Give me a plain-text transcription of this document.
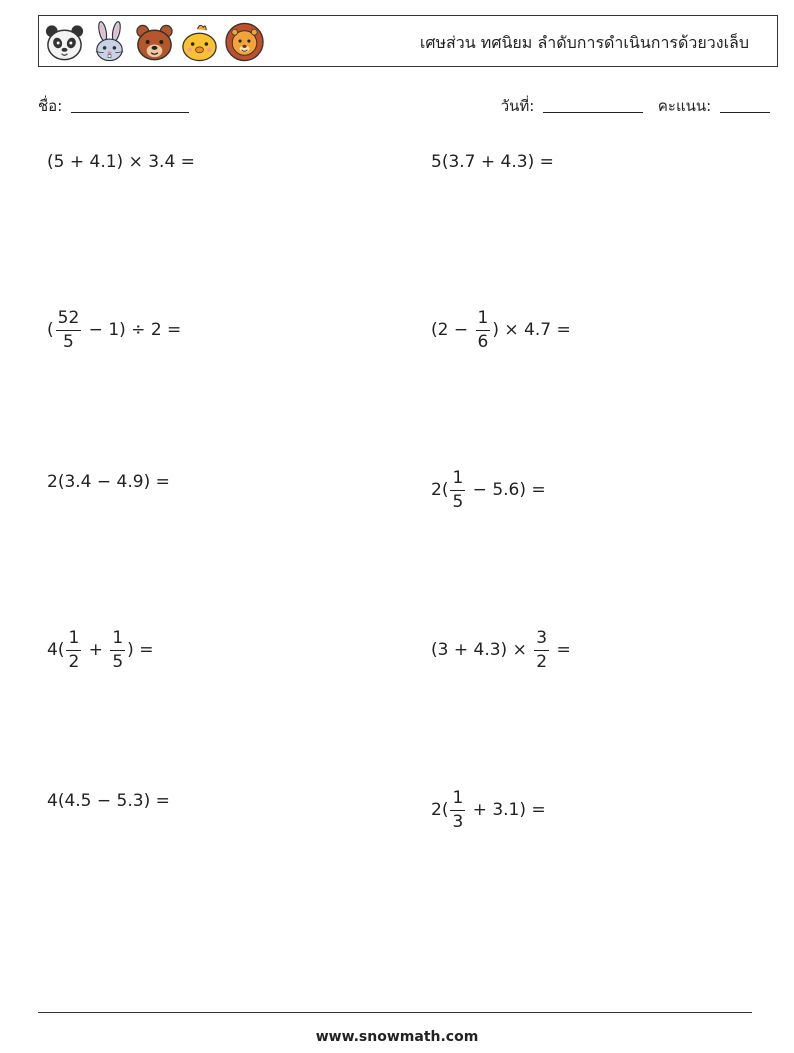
เศษส่วน ทศนิยม ลำดับการดำเนินการด้วยวงเล็บ
ชื่อ:	วันที่:	คะแนน:
(5 + 4.1) × 3.4 =	5(3.7 + 4.3) =
( $\frac{52}{5} - 1) \div 2$ =	($2 - \frac{1}{6}$ ) × 4.7 =
2(3.4 − 4.9) =	$2( \frac{1}{5} - 5.6)$ =
$4( \frac{1}{2} + \frac{1}{5}$ ) =	$(3 + 4.3) \times \frac{3}{2}$ =
4(4.5 − 5.3) =	$2( \frac{1}{3} + 3.1)$ =
www.snowmath.com
